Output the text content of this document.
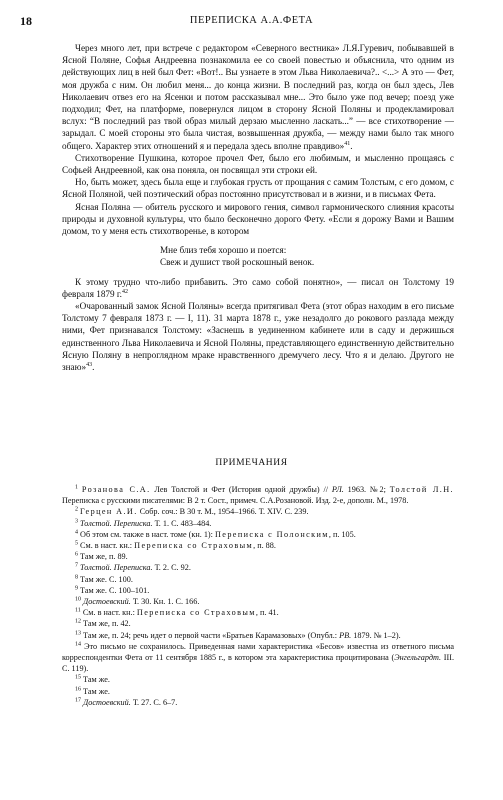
18	ПЕРЕПИСКА А.А.ФЕТА

Через много лет, при встрече с редактором «Северного вестника» Л.Я.Гуревич, побывавшей в Ясной Поляне, Софья Андреевна познакомила ее со своей повестью и объяснила, что одним из действующих лиц в ней был Фет: «Вот!.. Вы узнаете в этом Льва Николаевича?.. <...> А это — Фет, моя дружба с ним. Он любил меня... до конца жизни. В последний раз, когда он был здесь, Лев Николаевич отвез его на Ясенки и потом рассказывал мне... Это было уже под вечер; поезд уже подходил; Фет, на платформе, повернулся лицом в сторону Ясной Поляны и продекламировал вслух: “В последний раз твой образ милый дерзаю мысленно ласкать...” — все стихотворение — зарыдал. С моей стороны это была чистая, возвышенная дружба, — между нами было так много общего. Характер этих отношений я и передала здесь вполне правдиво»$^{41}$.

Стихотворение Пушкина, которое прочел Фет, было его любимым, и мысленно прощаясь с Софьей Андреевной, как она поняла, он посвящал эти строки ей.

Но, быть может, здесь была еще и глубокая грусть от прощания с самим Толстым, с его домом, с Ясной Поляной, чей поэтический образ постоянно присутствовал и в жизни, и в письмах Фета.

Ясная Поляна — обитель русского и мирового гения, символ гармонического слияния красоты природы и духовной культуры, что было бесконечно дорого Фету. «Если я дорожу Вами и Вашим домом, то у меня есть стихотвореньe, в котором

Мне близ тебя хорошо и поется:
Свеж и душист твой роскошный венок.

К этому трудно что-либо прибавить. Это само собой понятно», — писал он Толстому 19 февраля 1879 г.$^{42}$

«Очарованный замок Ясной Поляны» всегда притягивал Фета (этот образ находим в его письме Толстому 7 февраля 1873 г. — I, 11). 31 марта 1878 г., уже незадолго до рокового разлада между ними, Фет признавался Толстому: «Заснешь в уединенном кабинете или в саду и держишься единственного Льва Николаевича и Ясной Поляны, представляющего единственную действительно Ясную Поляну в непроглядном мраке нравственного дремучего лесу. Что я и делаю. Другого не знаю»$^{43}$.

ПРИМЕЧАНИЯ

$^1$ Розанова С.А. Лев Толстой и Фет (История одной дружбы) // РЛ. 1963. №2; Толстой Л.Н. Переписка с русскими писателями: В 2 т. Сост., примеч. С.А.Розановой. Изд. 2-е, дополн. М., 1978.

$^2$ Герцен А.И. Собр. соч.: В 30 т. М., 1954–1966. Т. XIV. С. 239.

$^3$ Толстой. Переписка. Т. 1. С. 483–484.

$^4$ Об этом см. также в наст. томе (кн. 1): Переписка с Полонским, п. 105.

$^5$ См. в наст. кн.: Переписка со Страховым, п. 88.

$^6$ Там же, п. 89.

$^7$ Толстой. Переписка. Т. 2. С. 92.

$^8$ Там же. С. 100.

$^9$ Там же. С. 100–101.

$^{10}$ Достоевский. Т. 30. Кн. 1. С. 166.

$^{11}$ См. в наст. кн.: Переписка со Страховым, п. 41.

$^{12}$ Там же, п. 42.

$^{13}$ Там же, п. 24; речь идет о первой части «Братьев Карамазовых» (Опубл.: РВ. 1879. № 1–2).

$^{14}$ Это письмо не сохранилось. Приведенная нами характеристика «Бесов» известна из ответного письма корреспондентки Фета от 11 сентября 1885 г., в котором эта характеристика процитирована (Энгельгардт. III. С. 119).

$^{15}$ Там же.

$^{16}$ Там же.

$^{17}$ Достоевский. Т. 27. С. 6–7.
